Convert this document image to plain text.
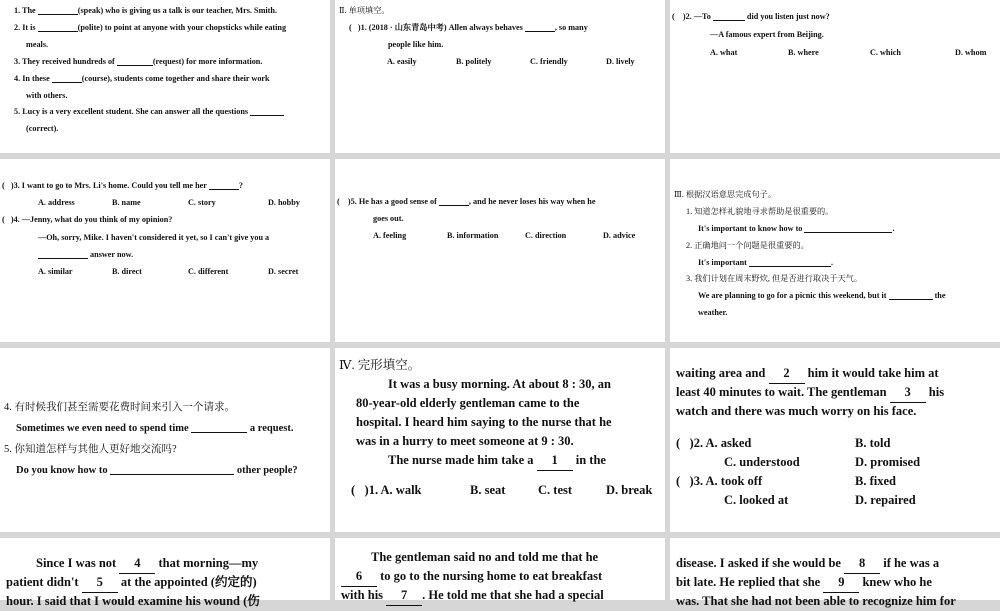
1. The	(speak) who is giving us a talk is our teacher, Mrs. Smith.
2. It is	(polite) to point at anyone with your chopsticks while eating
meals.
3. They received hundreds of	(request) for more information.
4. In these	(course), students come together and share their work
with others.
5. Lucy is a very excellent student. She can answer all the questions
(correct).
Ⅱ. 单项填空。
( )1. (2018 · 山东青岛中考) Allen always behaves	, so many
people like him.
A. easily	B. politely	C. friendly	D. lively
( )2. —To	did you listen just now?
—A famous expert from Beijing.
A. what	B. where	C. which	D. whom
( )3. I want to go to Mrs. Li's home. Could you tell me her	?
A. address	B. name	C. story	D. hobby
( )4. —Jenny, what do you think of my opinion?
—Oh, sorry, Mike. I haven't considered it yet, so I can't give you a
answer now.
A. similar	B. direct	C. different	D. secret
( )5. He has a good sense of	, and he never loses his way when he
goes out.
A. feeling	B. information	C. direction	D. advice
Ⅲ. 根据汉语意思完成句子。
1. 知道怎样礼貌地寻求帮助是很重要的。
It's important to know how to	.
2. 正确地问一个问题是很重要的。
It's important	.
3. 我们计划在周末野炊, 但是否进行取决于天气。
We are planning to go for a picnic this weekend, but it	the
weather.
4. 有时候我们甚至需要花费时间来引入一个请求。
Sometimes we even need to spend time	a request.
5. 你知道怎样与其他人更好地交流吗?
Do you know how to	other people?
Ⅳ. 完形填空。
It was a busy morning. At about 8 : 30, an
80-year-old elderly gentleman came to the
hospital. I heard him saying to the nurse that he
was in a hurry to meet someone at 9 : 30.
The nurse made him take a 1 in the
( )1. A. walk	B. seat	C. test	D. break
waiting area and 2 him it would take him at
least 40 minutes to wait. The gentleman 3 his
watch and there was much worry on his face.
( )2. A. asked	B. told
C. understood	D. promised
( )3. A. took off	B. fixed
C. looked at	D. repaired
Since I was not 4 that morning—my
patient didn't 5 at the appointed (约定的)
hour. I said that I would examine his wound (伤
The gentleman said no and told me that he
6 to go to the nursing home to eat breakfast
with his 7 . He told me that she had a special
disease. I asked if she would be 8 if he was a
bit late. He replied that she 9 knew who he
was. That she had not been able to recognize him for
